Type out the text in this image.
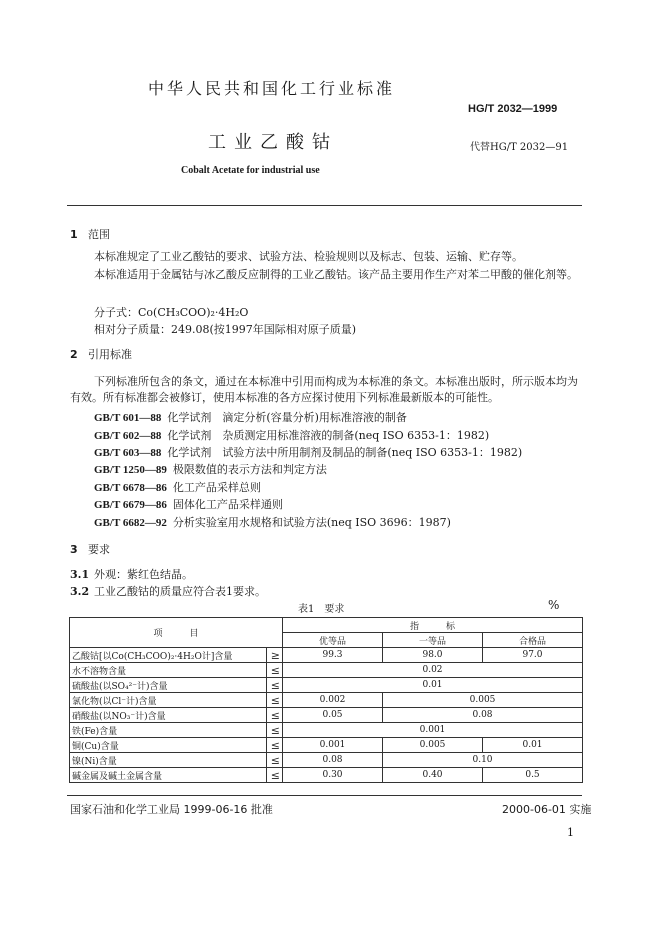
中华人民共和国化工行业标准
HG/T 2032—1999
工业乙酸钴	代替HG/T 2032—91
Cobalt Acetate for industrial use
1 范围
本标准规定了工业乙酸钴的要求、试验方法、检验规则以及标志、包装、运输、贮存等。
本标准适用于金属钴与冰乙酸反应制得的工业乙酸钴。该产品主要用作生产对苯二甲酸的催化剂等。
分子式：Co(CH₃COO)₂·4H₂O
相对分子质量：249.08(按1997年国际相对原子质量)
2 引用标准
下列标准所包含的条文，通过在本标准中引用而构成为本标准的条文。本标准出版时，所示版本均为有效。所有标准都会被修订，使用本标准的各方应探讨使用下列标准最新版本的可能性。
GB/T 601—88 化学试剂　滴定分析(容量分析)用标准溶液的制备
GB/T 602—88 化学试剂　杂质测定用标准溶液的制备(neq ISO 6353-1：1982)
GB/T 603—88 化学试剂　试验方法中所用制剂及制品的制备(neq ISO 6353-1：1982)
GB/T 1250—89 极限数值的表示方法和判定方法
GB/T 6678—86 化工产品采样总则
GB/T 6679—86 固体化工产品采样通则
GB/T 6682—92 分析实验室用水规格和试验方法(neq ISO 3696：1987)
3 要求
3.1 外观：紫红色结晶。
3.2 工业乙酸钴的质量应符合表1要求。
表1　要求	%
项　　　目		指　　　标		
		优等品	一等品	合格品
乙酸钴[以Co(CH₃COO)₂·4H₂O计]含量	≥	99.3	98.0	97.0
水不溶物含量	≤	0.02		
硫酸盐(以SO₄²⁻计)含量	≤	0.01		
氯化物(以Cl⁻计)含量	≤	0.002	0.005	
硝酸盐(以NO₃⁻计)含量	≤	0.05	0.08	
铁(Fe)含量	≤	0.001		
铜(Cu)含量	≤	0.001	0.005	0.01
镍(Ni)含量	≤	0.08	0.10	
碱金属及碱土金属含量	≤	0.30	0.40	0.5
国家石油和化学工业局 1999-06-16 批准	2000-06-01 实施
1
